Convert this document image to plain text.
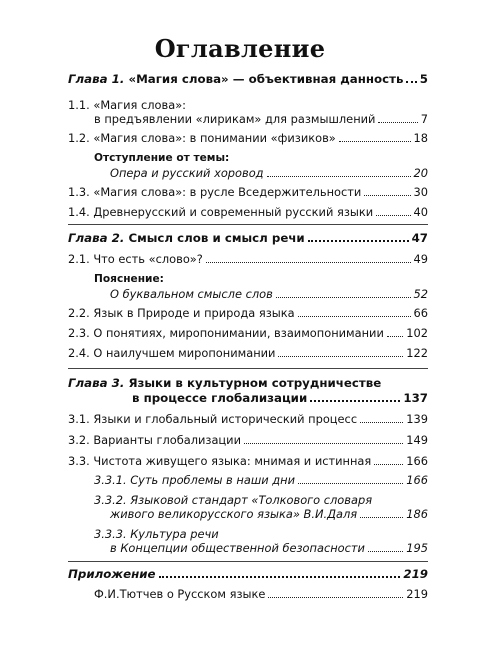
Оглавление
Глава 1. «Магия слова» — объективная данность 5
1.1. «Магия слова»:
в предъявлении «лирикам» для размышлений	7
1.2. «Магия слова»: в понимании «физиков»	18
Отступление от темы:
Опера и русский хоровод	20
1.3. «Магия слова»: в русле Вседержительности	30
1.4. Древнерусский и современный русский языки	40
Глава 2. Смысл слов и смысл речи	47
2.1. Что есть «слово»?	49
Пояснение:
О буквальном смысле слов	52
2.2. Язык в Природе и природа языка	66
2.3. О понятиях, миропонимании, взаимопонимании 102
2.4. О наилучшем миропонимании	122
Глава 3. Языки в культурном сотрудничестве
в процессе глобализации	137
3.1. Языки и глобальный исторический процесс	139
3.2. Варианты глобализации	149
3.3. Чистота живущего языка: мнимая и истинная	166
3.3.1. Суть проблемы в наши дни	166
3.3.2. Языковой стандарт «Толкового словаря
живого великорусского языка» В.И.Даля	186
3.3.3. Культура речи
в Концепции общественной безопасности	195
Приложение	219
Ф.И.Тютчев о Русском языке	219
